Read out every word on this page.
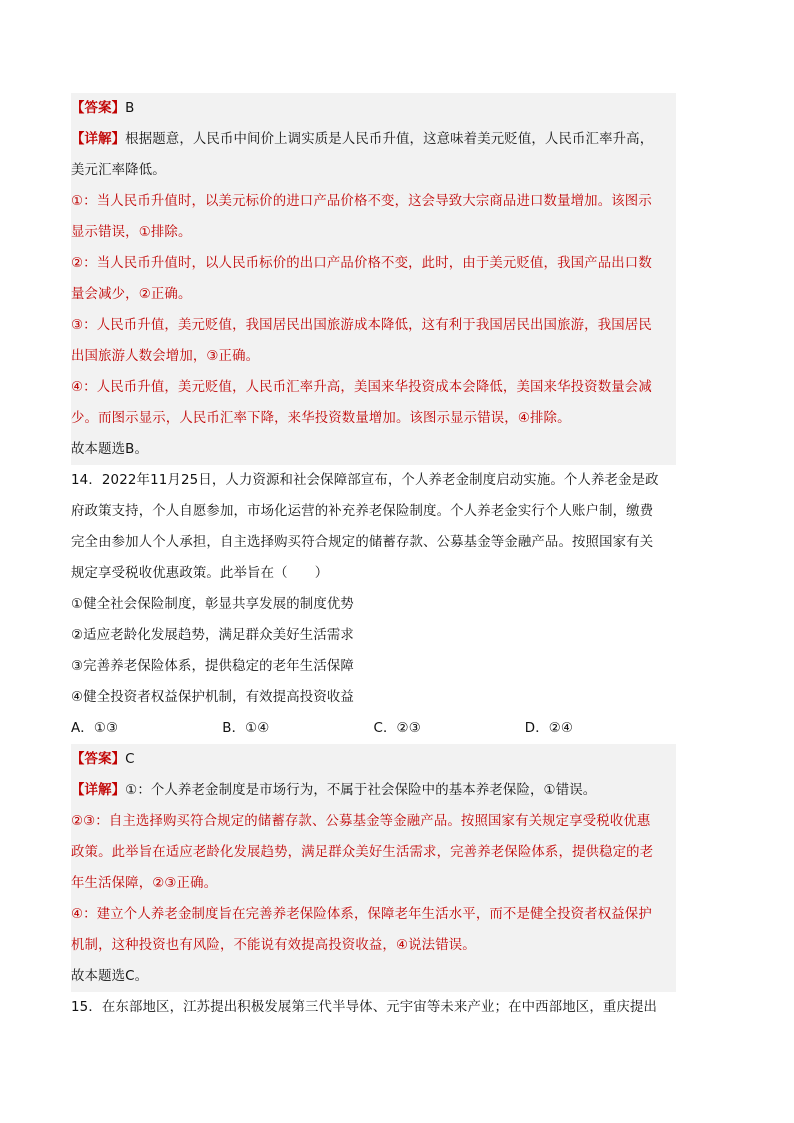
【答案】B
【详解】根据题意，人民币中间价上调实质是人民币升值，这意味着美元贬值，人民币汇率升高，
美元汇率降低。
①：当人民币升值时，以美元标价的进口产品价格不变，这会导致大宗商品进口数量增加。该图示
显示错误，①排除。
②：当人民币升值时，以人民币标价的出口产品价格不变，此时，由于美元贬值，我国产品出口数
量会减少，②正确。
③：人民币升值，美元贬值，我国居民出国旅游成本降低，这有利于我国居民出国旅游，我国居民
出国旅游人数会增加，③正确。
④：人民币升值，美元贬值，人民币汇率升高，美国来华投资成本会降低，美国来华投资数量会减
少。而图示显示，人民币汇率下降，来华投资数量增加。该图示显示错误，④排除。
故本题选B。
14．2022年11月25日，人力资源和社会保障部宣布，个人养老金制度启动实施。个人养老金是政
府政策支持，个人自愿参加，市场化运营的补充养老保险制度。个人养老金实行个人账户制，缴费
完全由参加人个人承担，自主选择购买符合规定的储蓄存款、公募基金等金融产品。按照国家有关
规定享受税收优惠政策。此举旨在（　　）
①健全社会保险制度，彰显共享发展的制度优势
②适应老龄化发展趋势，满足群众美好生活需求
③完善养老保险体系，提供稳定的老年生活保障
④健全投资者权益保护机制，有效提高投资收益
A．①③	B．①④	C．②③	D．②④
【答案】C
【详解】①：个人养老金制度是市场行为，不属于社会保险中的基本养老保险，①错误。
②③：自主选择购买符合规定的储蓄存款、公募基金等金融产品。按照国家有关规定享受税收优惠
政策。此举旨在适应老龄化发展趋势，满足群众美好生活需求，完善养老保险体系，提供稳定的老
年生活保障，②③正确。
④：建立个人养老金制度旨在完善养老保险体系，保障老年生活水平，而不是健全投资者权益保护
机制，这种投资也有风险，不能说有效提高投资收益，④说法错误。
故本题选C。
15．在东部地区，江苏提出积极发展第三代半导体、元宇宙等未来产业；在中西部地区，重庆提出
